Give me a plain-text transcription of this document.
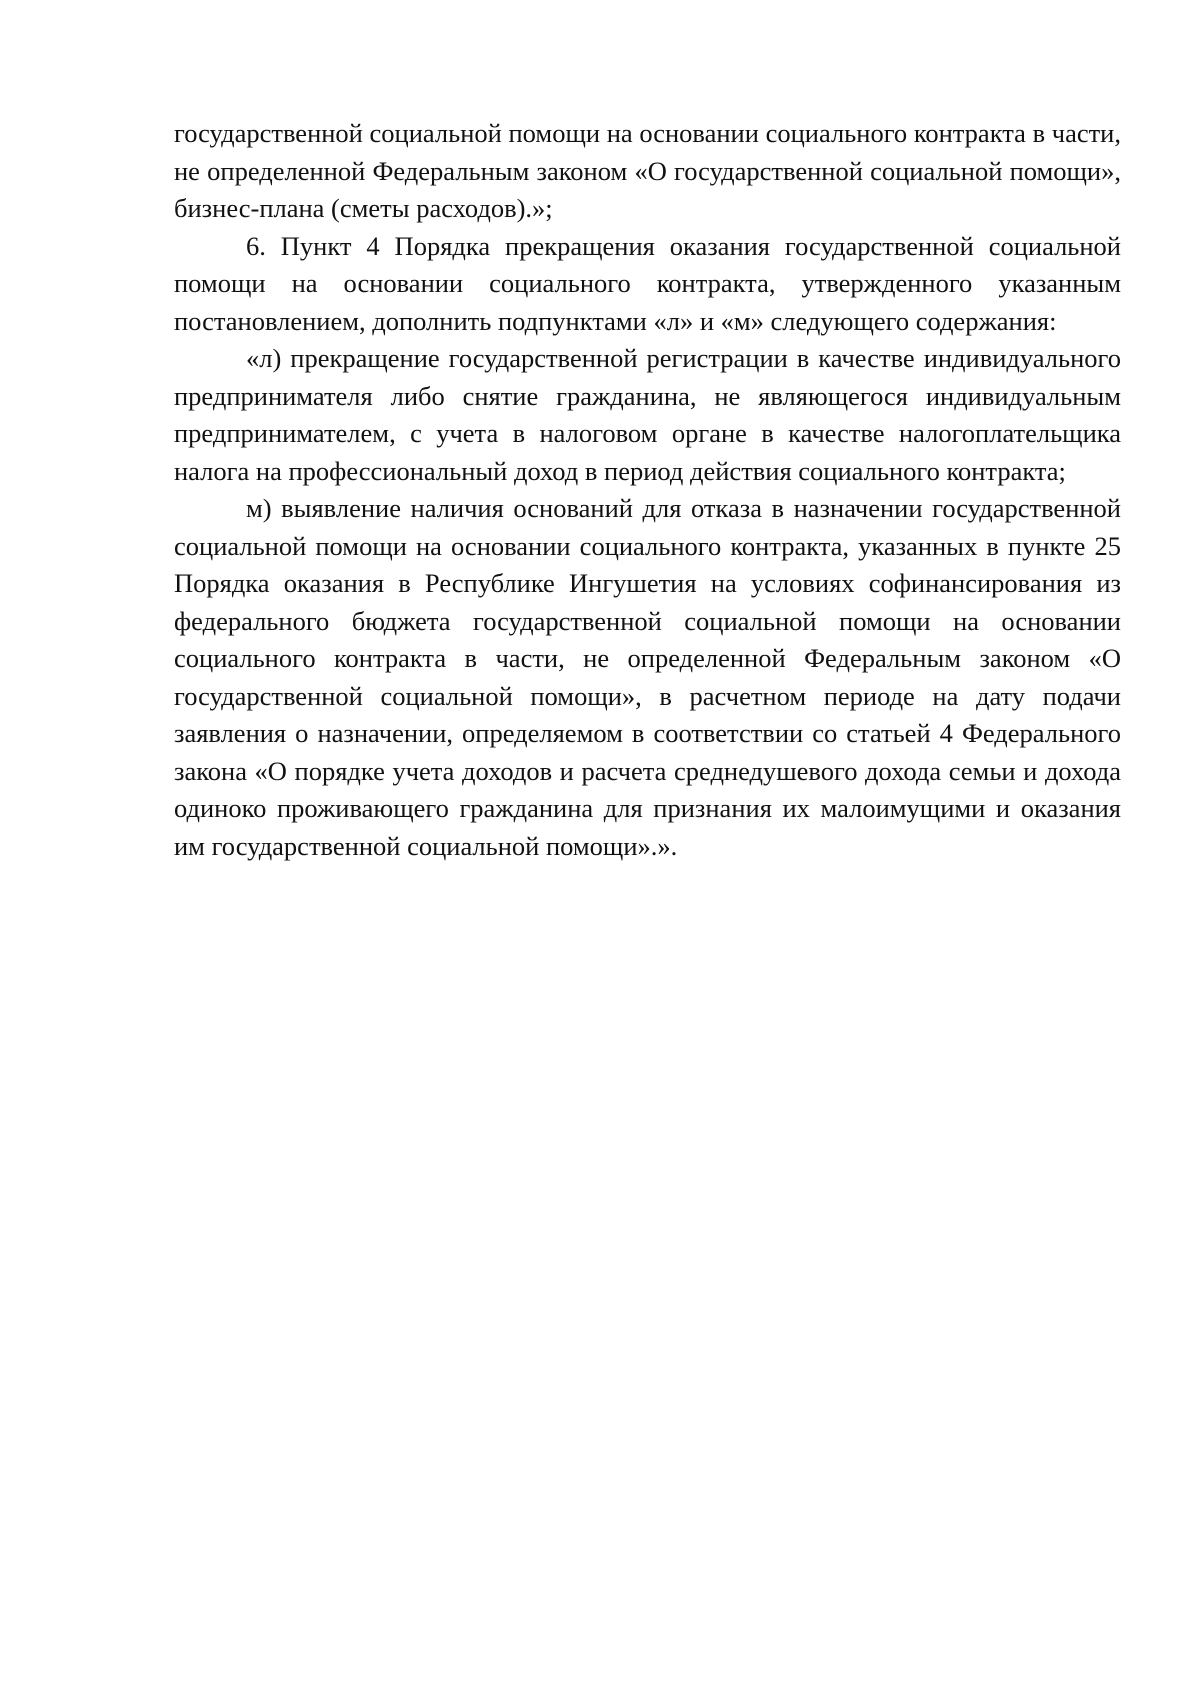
государственной социальной помощи на основании социального контракта в части, не определенной Федеральным законом «О государственной социальной помощи», бизнес-плана (сметы расходов).»;

6. Пункт 4 Порядка прекращения оказания государственной социальной помощи на основании социального контракта, утвержденного указанным постановлением, дополнить подпунктами «л» и «м» следующего содержания:

«л) прекращение государственной регистрации в качестве индивидуального предпринимателя либо снятие гражданина, не являющегося индивидуальным предпринимателем, с учета в налоговом органе в качестве налогоплательщика налога на профессиональный доход в период действия социального контракта;

м) выявление наличия оснований для отказа в назначении государственной социальной помощи на основании социального контракта, указанных в пункте 25 Порядка оказания в Республике Ингушетия на условиях софинансирования из федерального бюджета государственной социальной помощи на основании социального контракта в части, не определенной Федеральным законом «О государственной социальной помощи», в расчетном периоде на дату подачи заявления о назначении, определяемом в соответствии со статьей 4 Федерального закона «О порядке учета доходов и расчета среднедушевого дохода семьи и дохода одиноко проживающего гражданина для признания их малоимущими и оказания им государственной социальной помощи».».
